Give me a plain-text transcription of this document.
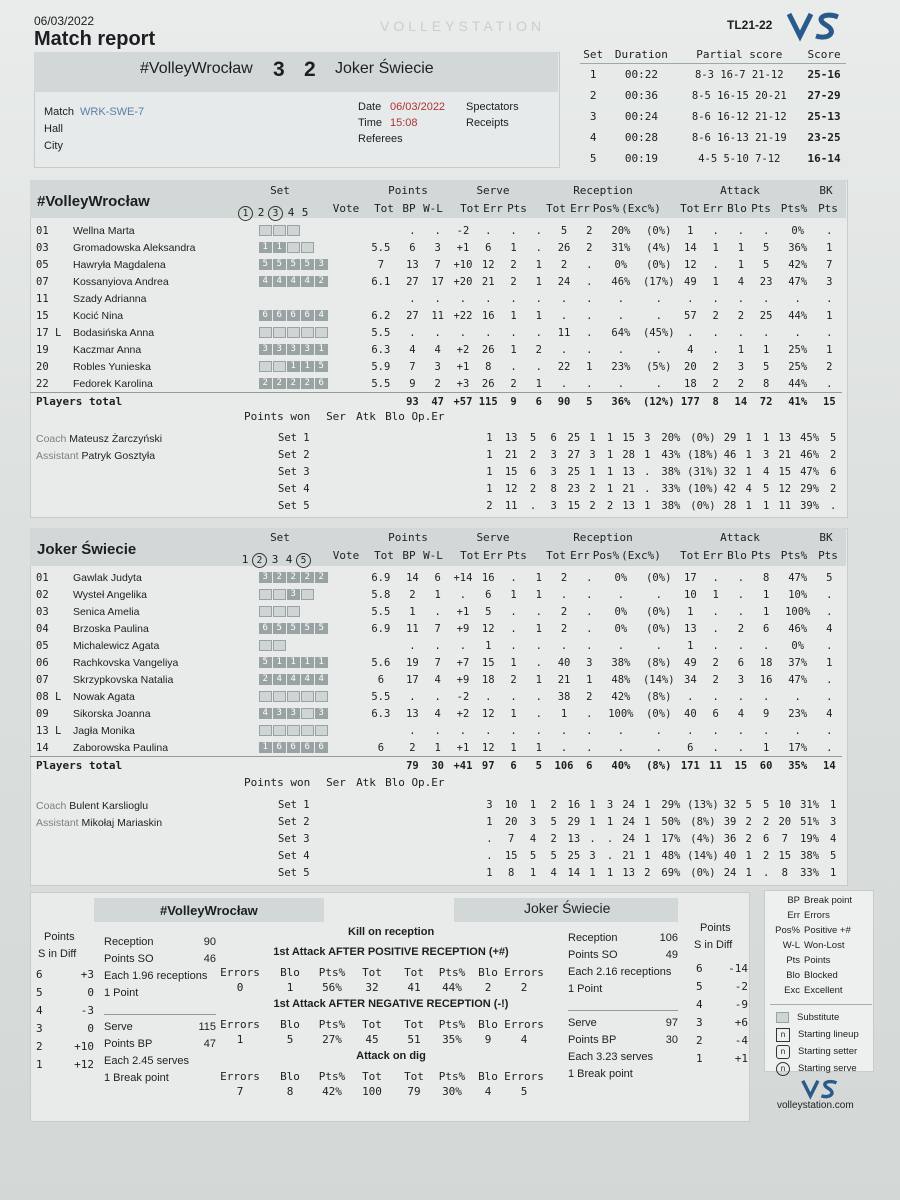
06/03/2022
Match report
VOLLEYSTATION	TL21-22
#VolleyWrocław 3 2 Joker Świecie
Match WRK-SWE-7
Hall
City
Date 06/03/2022
Time 15:08
Referees
Spectators
Receipts
Set	Duration	Partial score	Score
1	00:22	8-3 16-7 21-12	25-16
2	00:36	8-5 16-15 20-21	27-29
3	00:24	8-6 16-12 21-12	25-13
4	00:28	8-6 16-13 21-19	23-25
5	00:19	4-5 5-10 7-12	16-14
#VolleyWrocław
Set	Points	Serve	Reception	Attack	BK
1 2 3 4 5	Vote	Tot BP W-L	Tot Err Pts	Tot Err Pos% (Exc%)	Tot Err Blo Pts Pts% Pts
01	Wellna Marta			.	.	-2	.	.	.	5	2	20%	(0%)	1	.	.	.	0%	.
03	Gromadowska Aleksandra	1 1	5.5	6	3	+1	6	1	.	26	2	31%	(4%)	14	1	1	5	36%	1
05	Hawryła Magdalena	5 5 5 5 3	7	13	7	+10	12	2	1	2	.	0%	(0%)	12	.	1	5	42%	7
07	Kossanyiova Andrea	4 4 4 4 2	6.1	27	17	+20	21	2	1	24	.	46%	(17%)	49	1	4	23	47%	3
11	Szady Adrianna			.	.	.	.	.	.	.	.	.	.	.	.	.	.	.	.
15	Kocić Nina	6 6 6 6 4	6.2	27	11	+22	16	1	1	.	.	.	.	57	2	2	25	44%	1
17 L	Bodasińska Anna		5.5	.	.	.	.	.	.	11	.	64%	(45%)	.	.	.	.	.	.
19	Kaczmar Anna	3 3 3 3 1	6.3	4	4	+2	26	1	2	.	.	.	.	4	.	1	1	25%	1
20	Robles Yunieska	1 1 5	5.9	7	3	+1	8	.	.	22	1	23%	(5%)	20	2	3	5	25%	2
22	Fedorek Karolina	2 2 2 2 6	5.5	9	2	+3	26	2	1	.	.	.	.	18	2	2	8	44%	.
Players total				93	47	+57	115	9	6	90	5	36%	(12%)	177	8	14	72	41%	15
Points won	Ser Atk Blo Op.Er
Coach Mateusz Żarczyński
Assistant Patryk Gosztyła
Set 1	1	13	5	6	25	1	1	15	3	20%	(0%)	29	1	1	13	45%	5
Set 2	1	21	2	3	27	3	1	28	1	43%	(18%)	46	1	3	21	46%	2
Set 3	1	15	6	3	25	1	1	13	.	38%	(31%)	32	1	4	15	47%	6
Set 4	1	12	2	8	23	2	1	21	.	33%	(10%)	42	4	5	12	29%	2
Set 5	2	11	.	3	15	2	2	13	1	38%	(0%)	28	1	1	11	39%	.
Joker Świecie
Set	Points	Serve	Reception	Attack	BK
1 2 3 4 5	Vote	Tot BP W-L	Tot Err Pts	Tot Err Pos% (Exc%)	Tot Err Blo Pts Pts% Pts
01	Gawlak Judyta	3 2 2 2 2	6.9	14	6	+14	16	.	1	2	.	0%	(0%)	17	.	.	8	47%	5
02	Wysteł Angelika	3	5.8	2	1	.	6	1	1	.	.	.	.	10	1	.	1	10%	.
03	Senica Amelia		5.5	1	.	+1	5	.	.	2	.	0%	(0%)	1	.	.	1	100%	.
04	Brzoska Paulina	6 5 5 5 5	6.9	11	7	+9	12	.	1	2	.	0%	(0%)	13	.	2	6	46%	4
05	Michalewicz Agata			.	.	.	1	.	.	.	.	.	.	1	.	.	.	0%	.
06	Rachkovska Vangeliya	5 1 1 1 1	5.6	19	7	+7	15	1	.	40	3	38%	(8%)	49	2	6	18	37%	1
07	Skrzypkovska Natalia	2 4 4 4 4	6	17	4	+9	18	2	1	21	1	48%	(14%)	34	2	3	16	47%	.
08 L	Nowak Agata		5.5	.	.	-2	.	.	.	38	2	42%	(8%)	.	.	.	.	.	.
09	Sikorska Joanna	4 3 3 3	6.3	13	4	+2	12	1	.	1	.	100%	(0%)	40	6	4	9	23%	4
13 L	Jagła Monika			.	.	.	.	.	.	.	.	.	.	.	.	.	.	.	.
14	Zaborowska Paulina	1 6 6 6 6	6	2	1	+1	12	1	1	.	.	.	.	6	.	.	1	17%	.
Players total				79	30	+41	97	6	5	106	6	40%	(8%)	171	11	15	60	35%	14
Points won	Ser Atk Blo Op.Er
Coach Bulent Karslioglu
Assistant Mikołaj Mariaskin
Set 1	3	10	1	2	16	1	3	24	1	29%	(13%)	32	5	5	10	31%	1
Set 2	1	20	3	5	29	1	1	24	1	50%	(8%)	39	2	2	20	51%	3
Set 3	.	7	4	2	13	.	.	24	1	17%	(4%)	36	2	6	7	19%	4
Set 4	.	15	5	5	25	3	.	21	1	48%	(14%)	40	1	2	15	38%	5
Set 5	1	8	1	4	14	1	1	13	2	69%	(0%)	24	1	.	8	33%	1
#VolleyWrocław	Joker Świecie
Kill on reception
Points
S in Diff
6	+3
5	0
4	-3
3	0
2	+10
1	+12
Points
S in Diff
6 -14
5	-2
4	-9
3	+6
2	-4
1	+1
Reception	90
Points SO	46
Each 1.96 receptions
1 Point
Serve	115
Points BP	47
Each 2.45 serves
1 Break point
Reception	106
Points SO	49
Each 2.16 receptions
1 Point
Serve	97
Points BP	30
Each 3.23 serves
1 Break point
1st Attack AFTER POSITIVE RECEPTION (+#)
Errors	Blo	Pts%	Tot	Tot	Pts%	Blo Errors
0	1	56%	32	41	44%	2	2
1st Attack AFTER NEGATIVE RECEPTION (-!)
Errors	Blo	Pts%	Tot	Tot	Pts%	Blo Errors
1	5	27%	45	51	35%	9	4
Attack on dig
Errors	Blo	Pts%	Tot	Tot	Pts%	Blo Errors
7	8	42%	100	79	30%	4	5
BP Break point
Err Errors
Pos% Positive +#
W-L Won-Lost
Pts Points
Blo Blocked
Exc Excellent
Substitute
n	Starting lineup
n	Starting setter
n	Starting serve
volleystation.com
